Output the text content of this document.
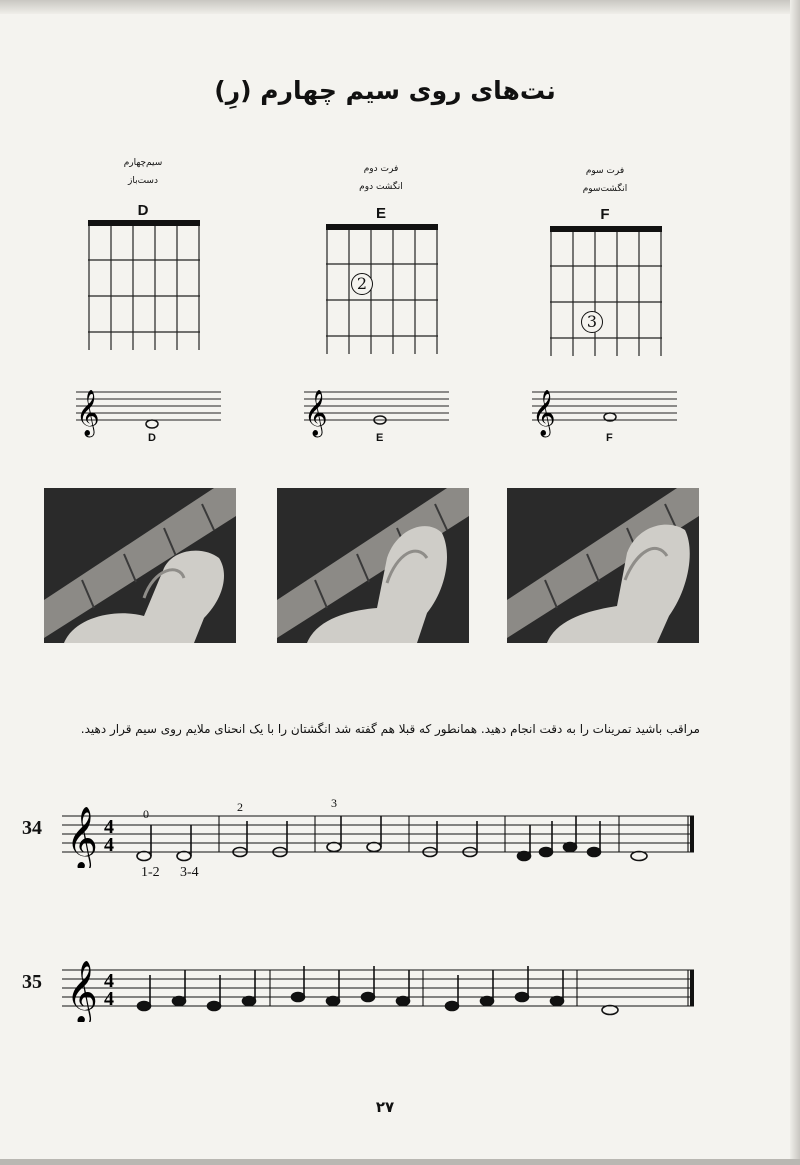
نت‌های روی سیم چهارم (رِ)
سیم‌چهارم
دست‌باز
D
فرت دوم
انگشت دوم
E
2
فرت سوم
انگشت‌سوم
F
3
𝄞
D
𝄞
E
𝄞
F
مراقب باشید تمرینات را به دقت انجام دهید. همانطور که قبلا هم گفته شد انگشتان را با یک انحنای ملایم روی سیم قرار دهید.
34 𝄞 4
4
0	2	3
1-2 3-4
35 𝄞 4
4
۲۷
